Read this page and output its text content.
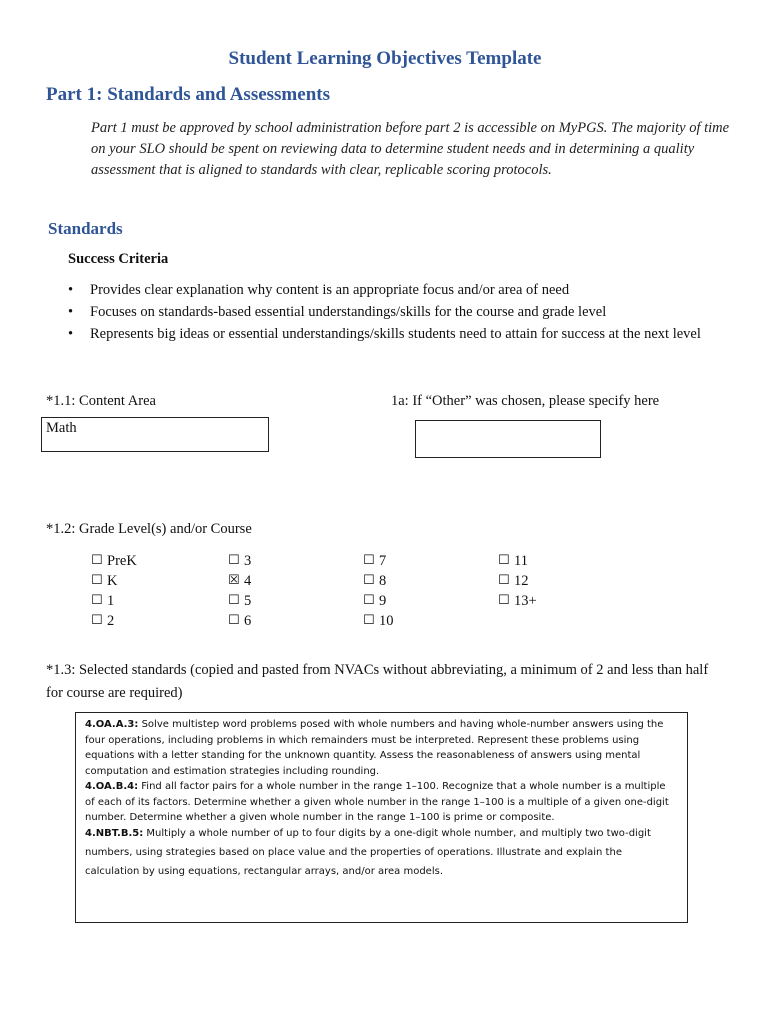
Student Learning Objectives Template
Part 1: Standards and Assessments
Part 1 must be approved by school administration before part 2 is accessible on MyPGS. The majority of time on your SLO should be spent on reviewing data to determine student needs and in determining a quality assessment that is aligned to standards with clear, replicable scoring protocols.
Standards
Success Criteria
• Provides clear explanation why content is an appropriate focus and/or area of need
• Focuses on standards-based essential understandings/skills for the course and grade level
• Represents big ideas or essential understandings/skills students need to attain for success at the next level
*1.1: Content Area
Math
1a: If “Other” was chosen, please specify here
*1.2: Grade Level(s) and/or Course
☐ PreK
☐ K
☐ 1
☐ 2
☐ 3
☒ 4
☐ 5
☐ 6
☐ 7
☐ 8
☐ 9
☐ 10
☐ 11
☐ 12
☐ 13+
*1.3: Selected standards (copied and pasted from NVACs without abbreviating, a minimum of 2 and less than half for course are required)

4.OA.A.3: Solve multistep word problems posed with whole numbers and having whole-number answers using the four operations, including problems in which remainders must be interpreted. Represent these problems using equations with a letter standing for the unknown quantity. Assess the reasonableness of answers using mental computation and estimation strategies including rounding.

4.OA.B.4: Find all factor pairs for a whole number in the range 1–100. Recognize that a whole number is a multiple of each of its factors. Determine whether a given whole number in the range 1–100 is a multiple of a given one-digit number. Determine whether a given whole number in the range 1–100 is prime or composite.

4.NBT.B.5: Multiply a whole number of up to four digits by a one-digit whole number, and multiply two two-digit numbers, using strategies based on place value and the properties of operations. Illustrate and explain the calculation by using equations, rectangular arrays, and/or area models.
